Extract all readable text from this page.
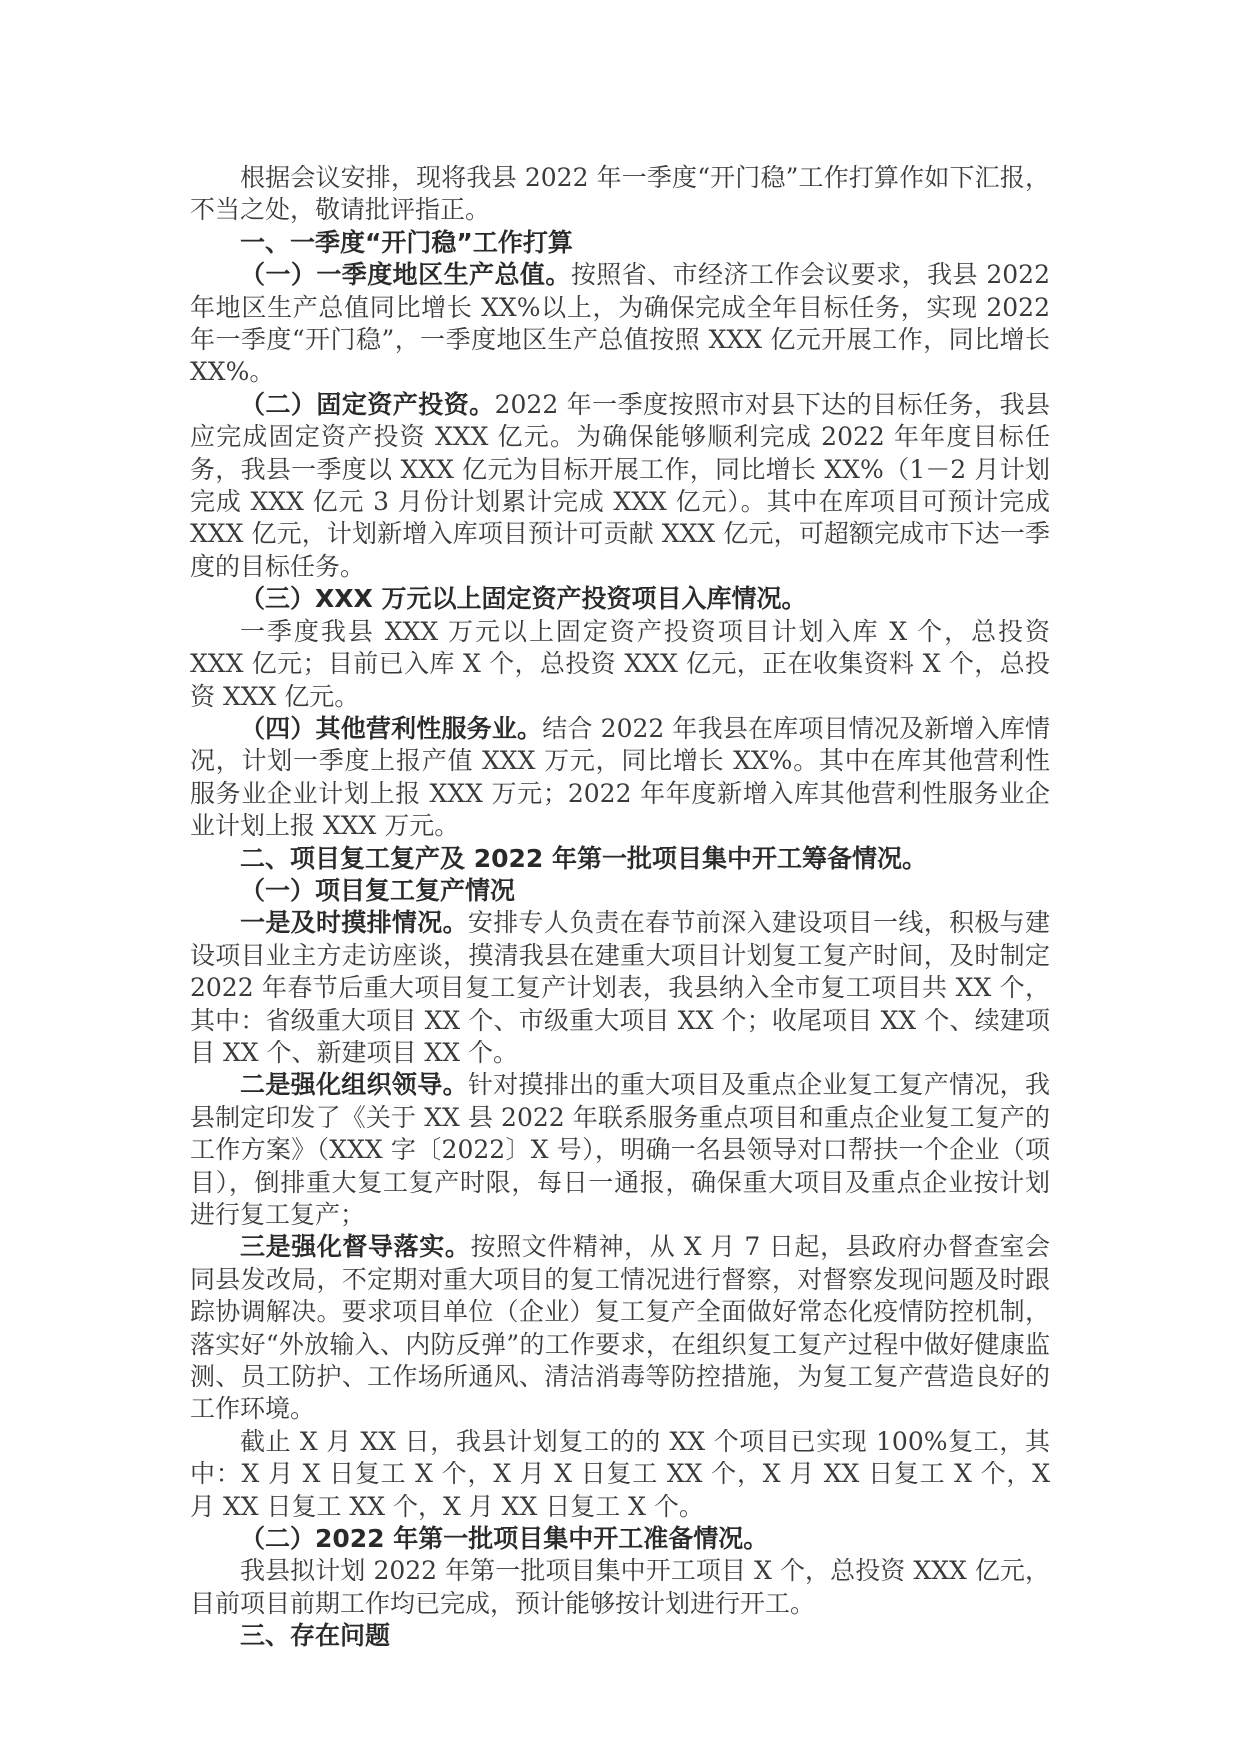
根据会议安排，现将我县 2022 年一季度“开门稳”工作打算作如下汇报，不当之处，敬请批评指正。

一、一季度“开门稳”工作打算

（一）一季度地区生产总值。按照省、市经济工作会议要求，我县 2022 年地区生产总值同比增长 XX%以上，为确保完成全年目标任务，实现 2022 年一季度“开门稳”，一季度地区生产总值按照 XXX 亿元开展工作，同比增长 XX%。

（二）固定资产投资。2022 年一季度按照市对县下达的目标任务，我县应完成固定资产投资 XXX 亿元。为确保能够顺利完成 2022 年年度目标任务，我县一季度以 XXX 亿元为目标开展工作，同比增长 XX%（1－2 月计划完成 XXX 亿元 3 月份计划累计完成 XXX 亿元）。其中在库项目可预计完成 XXX 亿元，计划新增入库项目预计可贡献 XXX 亿元，可超额完成市下达一季度的目标任务。

（三）XXX 万元以上固定资产投资项目入库情况。

一季度我县 XXX 万元以上固定资产投资项目计划入库 X 个，总投资 XXX 亿元；目前已入库 X 个，总投资 XXX 亿元，正在收集资料 X 个，总投资 XXX 亿元。

（四）其他营利性服务业。结合 2022 年我县在库项目情况及新增入库情况，计划一季度上报产值 XXX 万元，同比增长 XX%。其中在库其他营利性服务业企业计划上报 XXX 万元；2022 年年度新增入库其他营利性服务业企业计划上报 XXX 万元。

二、项目复工复产及 2022 年第一批项目集中开工筹备情况。

（一）项目复工复产情况

一是及时摸排情况。安排专人负责在春节前深入建设项目一线，积极与建设项目业主方走访座谈，摸清我县在建重大项目计划复工复产时间，及时制定 2022 年春节后重大项目复工复产计划表，我县纳入全市复工项目共 XX 个，其中：省级重大项目 XX 个、市级重大项目 XX 个；收尾项目 XX 个、续建项目 XX 个、新建项目 XX 个。

二是强化组织领导。针对摸排出的重大项目及重点企业复工复产情况，我县制定印发了《关于 XX 县 2022 年联系服务重点项目和重点企业复工复产的工作方案》（XXX 字〔2022〕X 号），明确一名县领导对口帮扶一个企业（项目），倒排重大复工复产时限，每日一通报，确保重大项目及重点企业按计划进行复工复产；

三是强化督导落实。按照文件精神，从 X 月 7 日起，县政府办督查室会同县发改局，不定期对重大项目的复工情况进行督察，对督察发现问题及时跟踪协调解决。要求项目单位（企业）复工复产全面做好常态化疫情防控机制，落实好“外放输入、内防反弹”的工作要求，在组织复工复产过程中做好健康监测、员工防护、工作场所通风、清洁消毒等防控措施，为复工复产营造良好的工作环境。

截止 X 月 XX 日，我县计划复工的的 XX 个项目已实现 100%复工，其中：X 月 X 日复工 X 个，X 月 X 日复工 XX 个，X 月 XX 日复工 X 个，X 月 XX 日复工 XX 个，X 月 XX 日复工 X 个。

（二）2022 年第一批项目集中开工准备情况。

我县拟计划 2022 年第一批项目集中开工项目 X 个，总投资 XXX 亿元，目前项目前期工作均已完成，预计能够按计划进行开工。

三、存在问题
